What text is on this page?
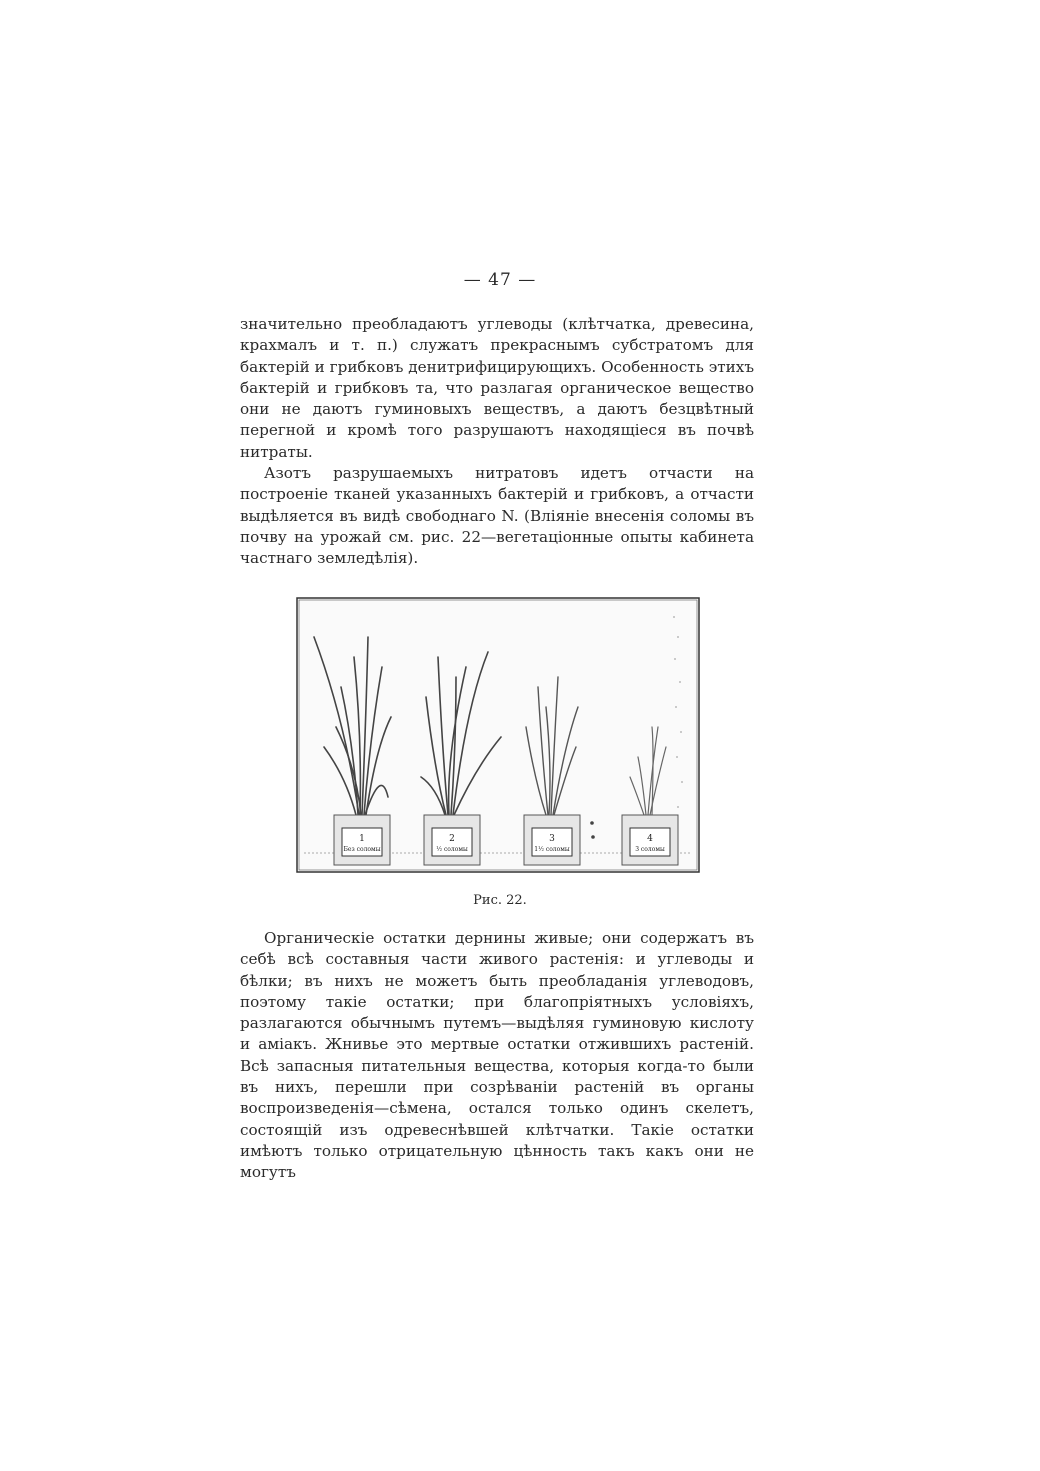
— 47 —

значительно преобладаютъ углеводы (клѣтчатка, древесина, крахмалъ и т. п.) служатъ прекраснымъ субстратомъ для бактерій и грибковъ денитрифицирующихъ. Особенность этихъ бактерій и грибковъ та, что разлагая органическое вещество они не даютъ гуминовыхъ веществъ, а даютъ безцвѣтный перегной и кромѣ того разрушаютъ находящіеся въ почвѣ нитраты.

Азотъ разрушаемыхъ нитратовъ идетъ отчасти на построеніе тканей указанныхъ бактерій и грибковъ, а отчасти выдѣляется въ видѣ свободнаго N. (Вліяніе внесенія соломы въ почву на урожай см. рис. 22—вегетаціонные опыты кабинета частнаго земледѣлія).

1
Без соломы
2
½ соломы
3
1½ соломы
4
3 соломы
Рис. 22.

Органическіе остатки дернины живые; они содержатъ въ себѣ всѣ составныя части живого растенія: и углеводы и бѣлки; въ нихъ не можетъ быть преобладанія углеводовъ, поэтому такіе остатки; при благопріятныхъ условіяхъ, разлагаются обычнымъ путемъ—выдѣляя гуминовую кислоту и аміакъ. Жнивье это мертвые остатки отжившихъ растеній. Всѣ запасныя питательныя вещества, которыя когда-то были въ нихъ, перешли при созрѣваніи растеній въ органы воспроизведенія—сѣмена, остался только одинъ скелетъ, состоящій изъ одревеснѣвшей клѣтчатки. Такіе остатки имѣютъ только отрицательную цѣнность такъ какъ они не могутъ
